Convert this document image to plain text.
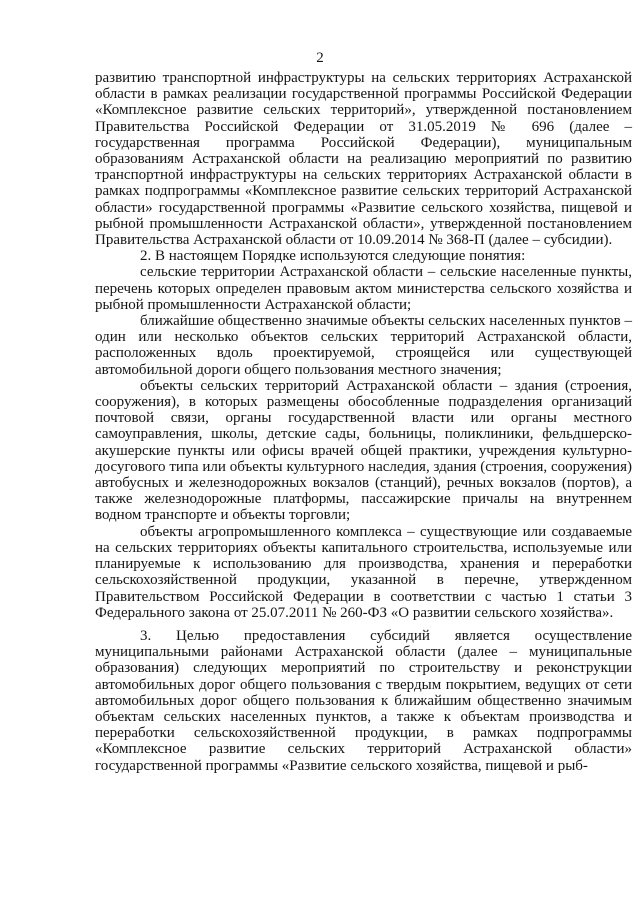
2

развитию транспортной инфраструктуры на сельских территориях Астраханской области в рамках реализации государственной программы Российской Федерации «Комплексное развитие сельских территорий», утвержденной постановлением Правительства Российской Федерации от 31.05.2019 № 696 (далее – государственная программа Российской Федерации), муниципальным образованиям Астраханской области на реализацию мероприятий по развитию транспортной инфраструктуры на сельских территориях Астраханской области в рамках подпрограммы «Комплексное развитие сельских территорий Астраханской области» государственной программы «Развитие сельского хозяйства, пищевой и рыбной промышленности Астраханской области», утвержденной постановлением Правительства Астраханской области от 10.09.2014 № 368-П (далее – субсидии).

2. В настоящем Порядке используются следующие понятия:

сельские территории Астраханской области – сельские населенные пункты, перечень которых определен правовым актом министерства сельского хозяйства и рыбной промышленности Астраханской области;

ближайшие общественно значимые объекты сельских населенных пунктов – один или несколько объектов сельских территорий Астраханской области, расположенных вдоль проектируемой, строящейся или существующей автомобильной дороги общего пользования местного значения;

объекты сельских территорий Астраханской области – здания (строения, сооружения), в которых размещены обособленные подразделения организаций почтовой связи, органы государственной власти или органы местного самоуправления, школы, детские сады, больницы, поликлиники, фельдшерско-акушерские пункты или офисы врачей общей практики, учреждения культурно-досугового типа или объекты культурного наследия, здания (строения, сооружения) автобусных и железнодорожных вокзалов (станций), речных вокзалов (портов), а также железнодорожные платформы, пассажирские причалы на внутреннем водном транспорте и объекты торговли;

объекты агропромышленного комплекса – существующие или создаваемые на сельских территориях объекты капитального строительства, используемые или планируемые к использованию для производства, хранения и переработки сельскохозяйственной продукции, указанной в перечне, утвержденном Правительством Российской Федерации в соответствии с частью 1 статьи 3 Федерального закона от 25.07.2011 № 260-ФЗ «О развитии сельского хозяйства».

3. Целью предоставления субсидий является осуществление муниципальными районами Астраханской области (далее – муниципальные образования) следующих мероприятий по строительству и реконструкции автомобильных дорог общего пользования с твердым покрытием, ведущих от сети автомобильных дорог общего пользования к ближайшим общественно значимым объектам сельских населенных пунктов, а также к объектам производства и переработки сельскохозяйственной продукции, в рамках подпрограммы «Комплексное развитие сельских территорий Астраханской области» государственной программы «Развитие сельского хозяйства, пищевой и рыб-
